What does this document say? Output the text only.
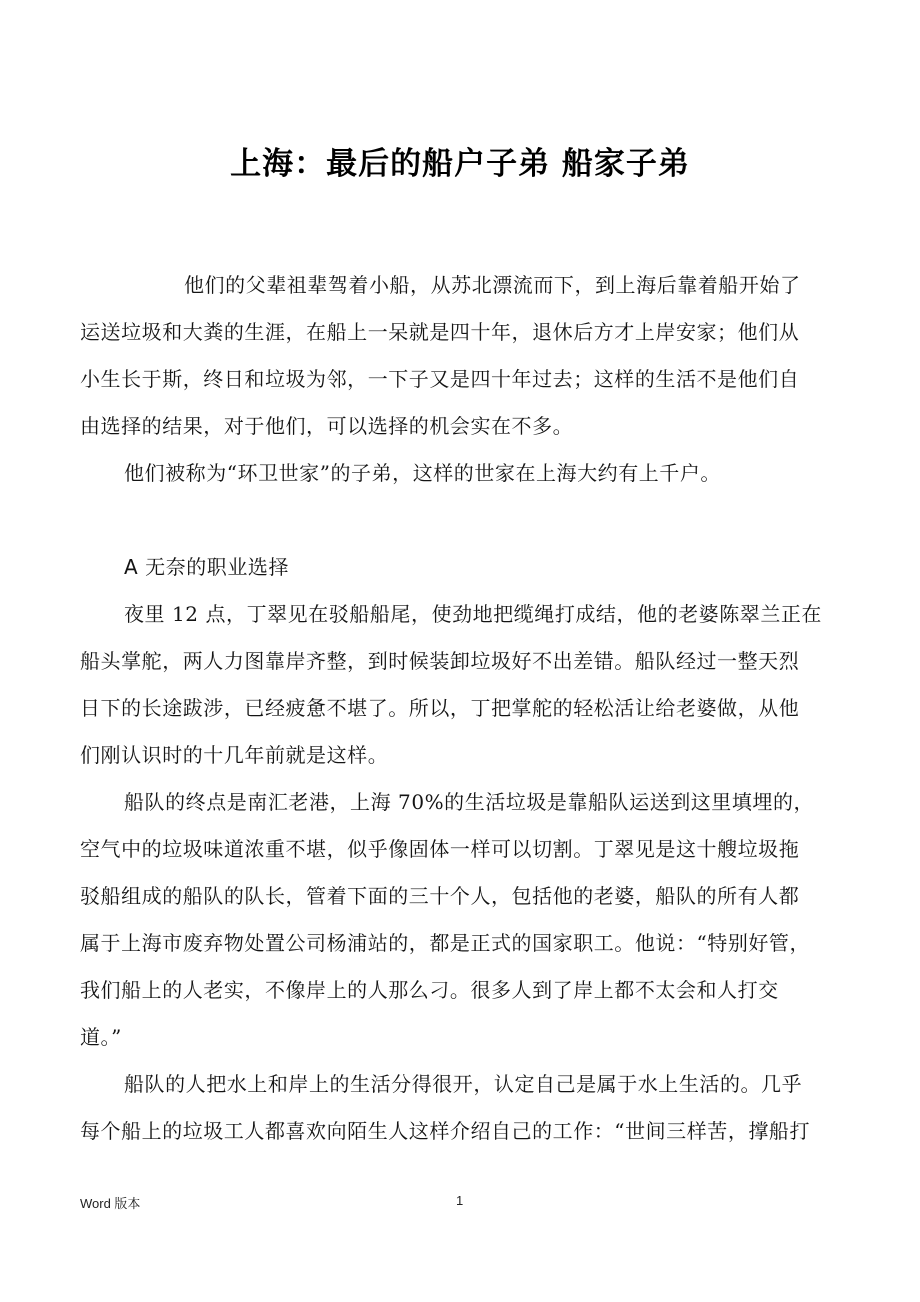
上海：最后的船户子弟 船家子弟
他们的父辈祖辈驾着小船，从苏北漂流而下，到上海后靠着船开始了
运送垃圾和大粪的生涯，在船上一呆就是四十年，退休后方才上岸安家；他们从
小生长于斯，终日和垃圾为邻，一下子又是四十年过去；这样的生活不是他们自
由选择的结果，对于他们，可以选择的机会实在不多。
他们被称为“环卫世家”的子弟，这样的世家在上海大约有上千户。
A 无奈的职业选择
夜里 12 点，丁翠见在驳船船尾，使劲地把缆绳打成结，他的老婆陈翠兰正在
船头掌舵，两人力图靠岸齐整，到时候装卸垃圾好不出差错。船队经过一整天烈
日下的长途跋涉，已经疲惫不堪了。所以，丁把掌舵的轻松活让给老婆做，从他
们刚认识时的十几年前就是这样。
船队的终点是南汇老港，上海 70%的生活垃圾是靠船队运送到这里填埋的，
空气中的垃圾味道浓重不堪，似乎像固体一样可以切割。丁翠见是这十艘垃圾拖
驳船组成的船队的队长，管着下面的三十个人，包括他的老婆，船队的所有人都
属于上海市废弃物处置公司杨浦站的，都是正式的国家职工。他说：“特别好管，
我们船上的人老实，不像岸上的人那么刁。很多人到了岸上都不太会和人打交
道。”
船队的人把水上和岸上的生活分得很开，认定自己是属于水上生活的。几乎
每个船上的垃圾工人都喜欢向陌生人这样介绍自己的工作：“世间三样苦，撑船打
Word 版本	1
